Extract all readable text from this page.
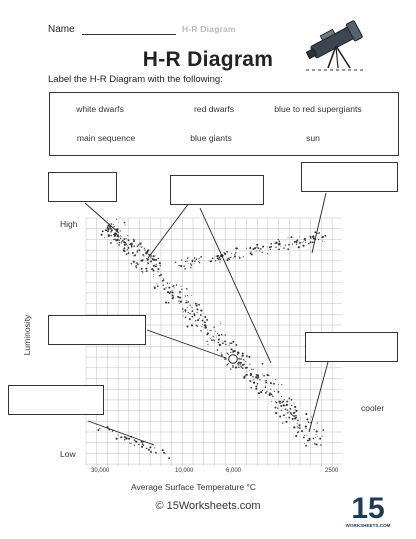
Name	H-R Diagram
H-R Diagram
Label the H-R Diagram with the following:
white dwarfs	red dwarfs	blue to red supergiants
main sequence	blue giants	sun
High
Low
Luminosity
30,000	10,000	6,000	2500
Average Surface Temperature °C
cooler
© 15Worksheets.com	15
WORKSHEETS.COM
